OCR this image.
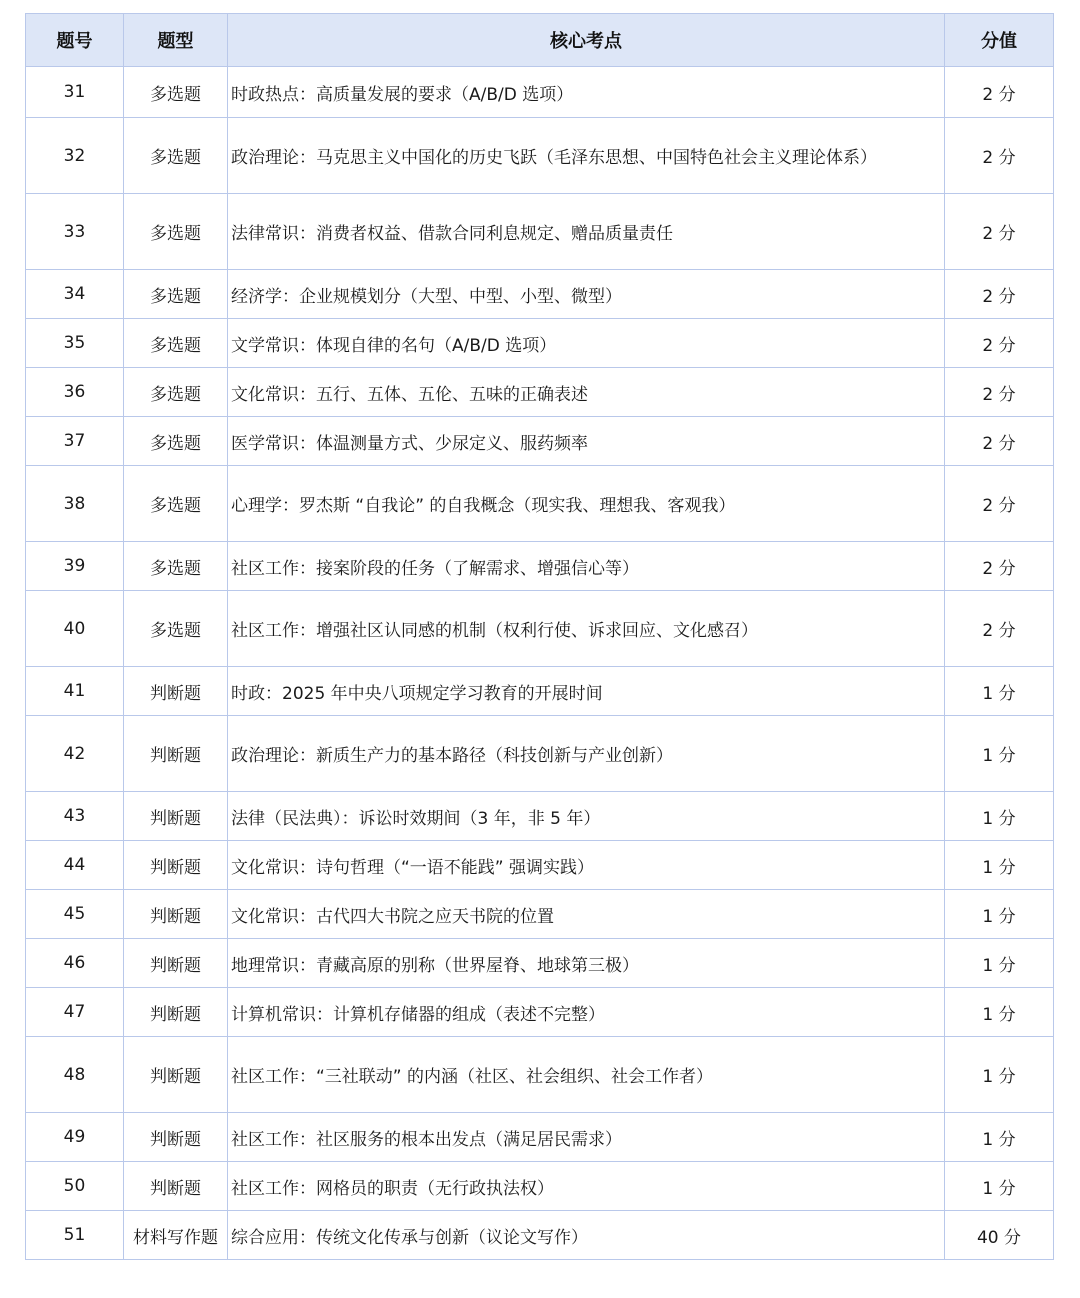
题号	题型	核心考点	分值
31	多选题	时政热点：高质量发展的要求（A/B/D 选项）	2 分
32	多选题	政治理论：马克思主义中国化的历史飞跃（毛泽东思想、中国特色社会主义理论体系）	2 分
33	多选题	法律常识：消费者权益、借款合同利息规定、赠品质量责任	2 分
34	多选题	经济学：企业规模划分（大型、中型、小型、微型）	2 分
35	多选题	文学常识：体现自律的名句（A/B/D 选项）	2 分
36	多选题	文化常识：五行、五体、五伦、五味的正确表述	2 分
37	多选题	医学常识：体温测量方式、少尿定义、服药频率	2 分
38	多选题	心理学：罗杰斯 “自我论” 的自我概念（现实我、理想我、客观我）	2 分
39	多选题	社区工作：接案阶段的任务（了解需求、增强信心等）	2 分
40	多选题	社区工作：增强社区认同感的机制（权利行使、诉求回应、文化感召）	2 分
41	判断题	时政：2025 年中央八项规定学习教育的开展时间	1 分
42	判断题	政治理论：新质生产力的基本路径（科技创新与产业创新）	1 分
43	判断题	法律（民法典）：诉讼时效期间（3 年，非 5 年）	1 分
44	判断题	文化常识：诗句哲理（“一语不能践” 强调实践）	1 分
45	判断题	文化常识：古代四大书院之应天书院的位置	1 分
46	判断题	地理常识：青藏高原的别称（世界屋脊、地球第三极）	1 分
47	判断题	计算机常识：计算机存储器的组成（表述不完整）	1 分
48	判断题	社区工作：“三社联动” 的内涵（社区、社会组织、社会工作者）	1 分
49	判断题	社区工作：社区服务的根本出发点（满足居民需求）	1 分
50	判断题	社区工作：网格员的职责（无行政执法权）	1 分
51	材料写作题	综合应用：传统文化传承与创新（议论文写作）	40 分
